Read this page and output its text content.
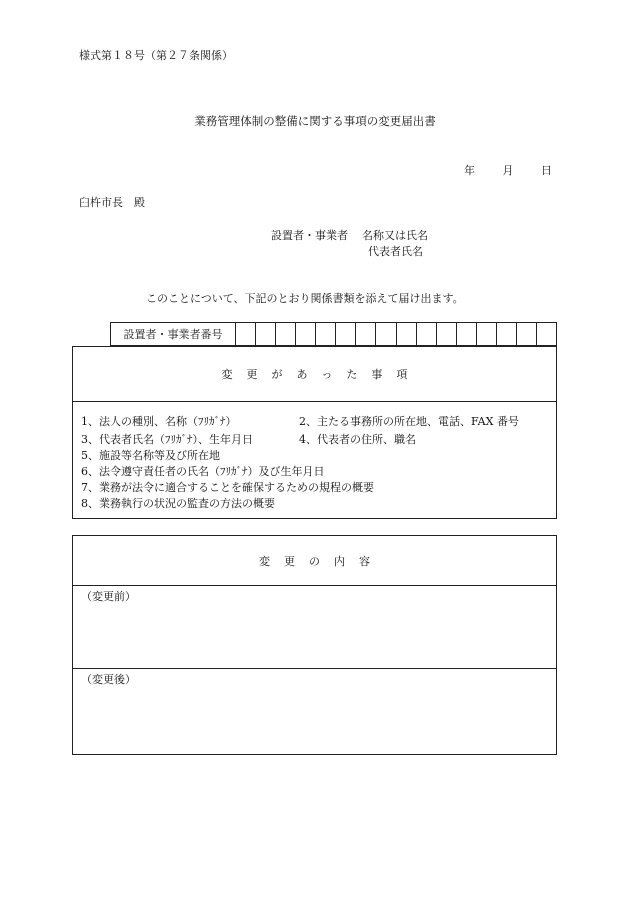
様式第１８号（第２７条関係）
業務管理体制の整備に関する事項の変更届出書
年	月	日
臼杵市長　殿
設置者・事業者 名称又は氏名
代表者氏名
このことについて、下記のとおり関係書類を添えて届け出ます。
設置者・事業者番号
変更があった事項
1、法人の種別、名称（ﾌﾘｶﾞﾅ）	2、主たる事務所の所在地、電話、FAX 番号
3、代表者氏名（ﾌﾘｶﾞﾅ）、生年月日	4、代表者の住所、職名
5、施設等名称等及び所在地
6、法令遵守責任者の氏名（ﾌﾘｶﾞﾅ）及び生年月日
7、業務が法令に適合することを確保するための規程の概要
8、業務執行の状況の監査の方法の概要
変更の内容
（変更前）
（変更後）
